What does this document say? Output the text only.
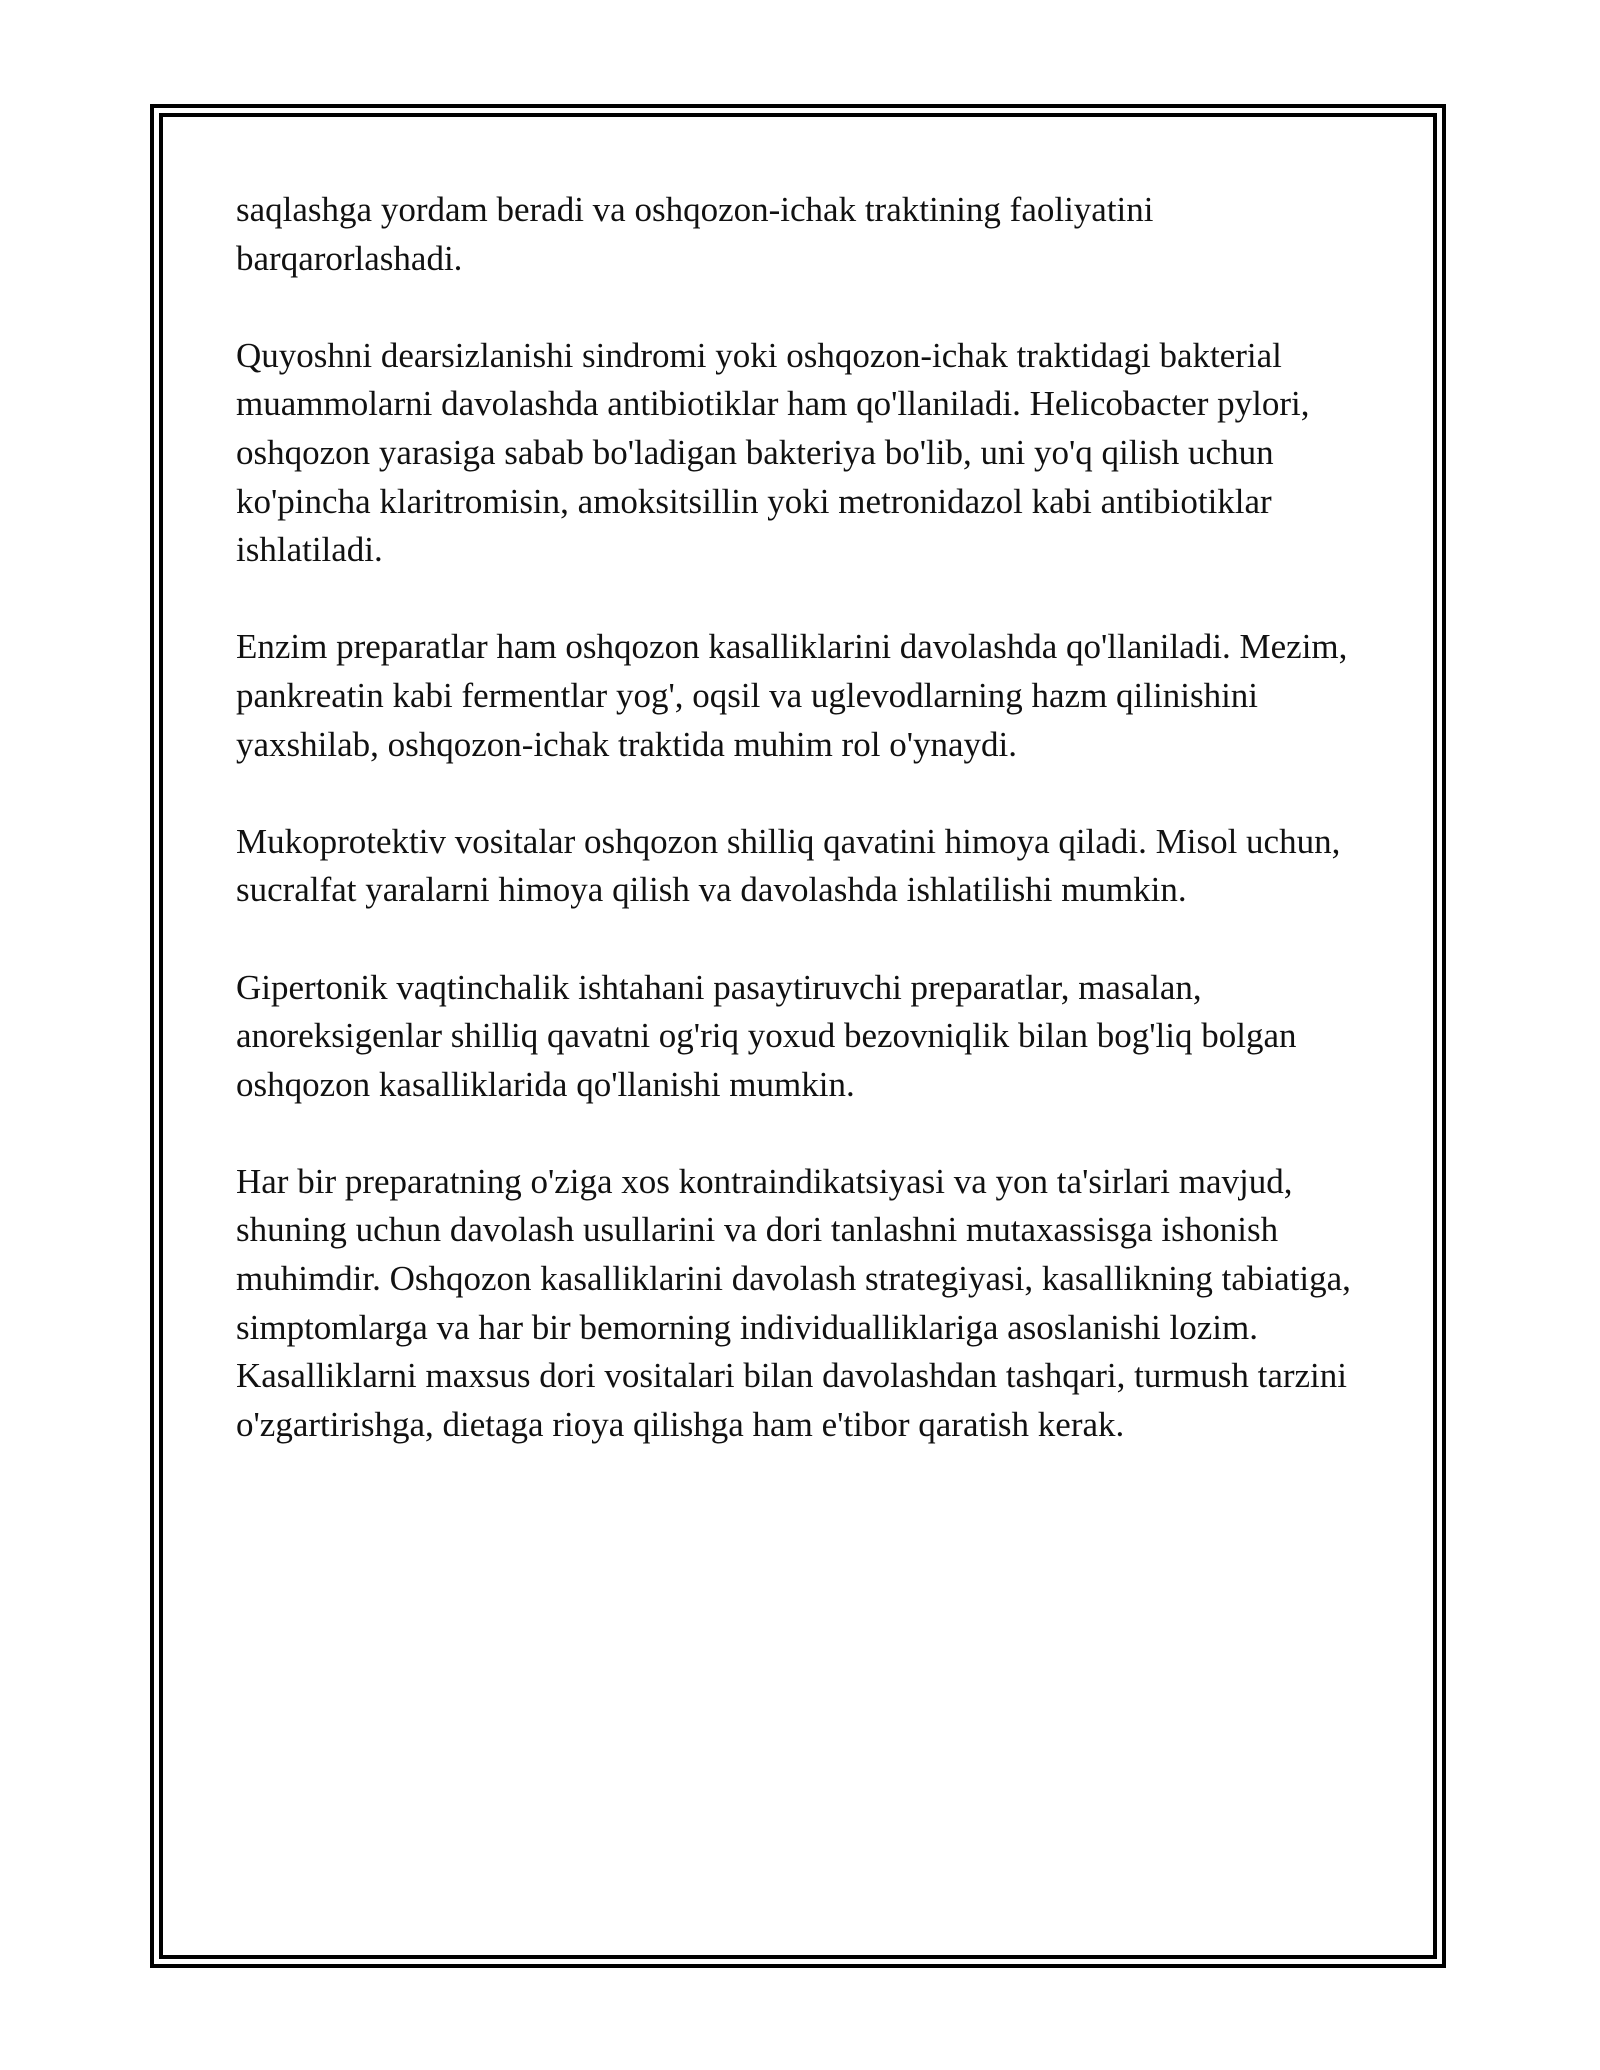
saqlashga yordam beradi va oshqozon-ichak traktining faoliyatini barqarorlashadi.

Quyoshni dearsizlanishi sindromi yoki oshqozon-ichak traktidagi bakterial muammolarni davolashda antibiotiklar ham qo'llaniladi. Helicobacter pylori, oshqozon yarasiga sabab bo'ladigan bakteriya bo'lib, uni yo'q qilish uchun ko'pincha klaritromisin, amoksitsillin yoki metronidazol kabi antibiotiklar ishlatiladi.

Enzim preparatlar ham oshqozon kasalliklarini davolashda qo'llaniladi. Mezim, pankreatin kabi fermentlar yog', oqsil va uglevodlarning hazm qilinishini yaxshilab, oshqozon-ichak traktida muhim rol o'ynaydi.

Mukoprotektiv vositalar oshqozon shilliq qavatini himoya qiladi. Misol uchun, sucralfat yaralarni himoya qilish va davolashda ishlatilishi mumkin.

Gipertonik vaqtinchalik ishtahani pasaytiruvchi preparatlar, masalan, anoreksigenlar shilliq qavatni og'riq yoxud bezovniqlik bilan bog'liq bolgan oshqozon kasalliklarida qo'llanishi mumkin.

Har bir preparatning o'ziga xos kontraindikatsiyasi va yon ta'sirlari mavjud, shuning uchun davolash usullarini va dori tanlashni mutaxassisga ishonish muhimdir. Oshqozon kasalliklarini davolash strategiyasi, kasallikning tabiatiga, simptomlarga va har bir bemorning individualliklariga asoslanishi lozim. Kasalliklarni maxsus dori vositalari bilan davolashdan tashqari, turmush tarzini o'zgartirishga, dietaga rioya qilishga ham e'tibor qaratish kerak.
